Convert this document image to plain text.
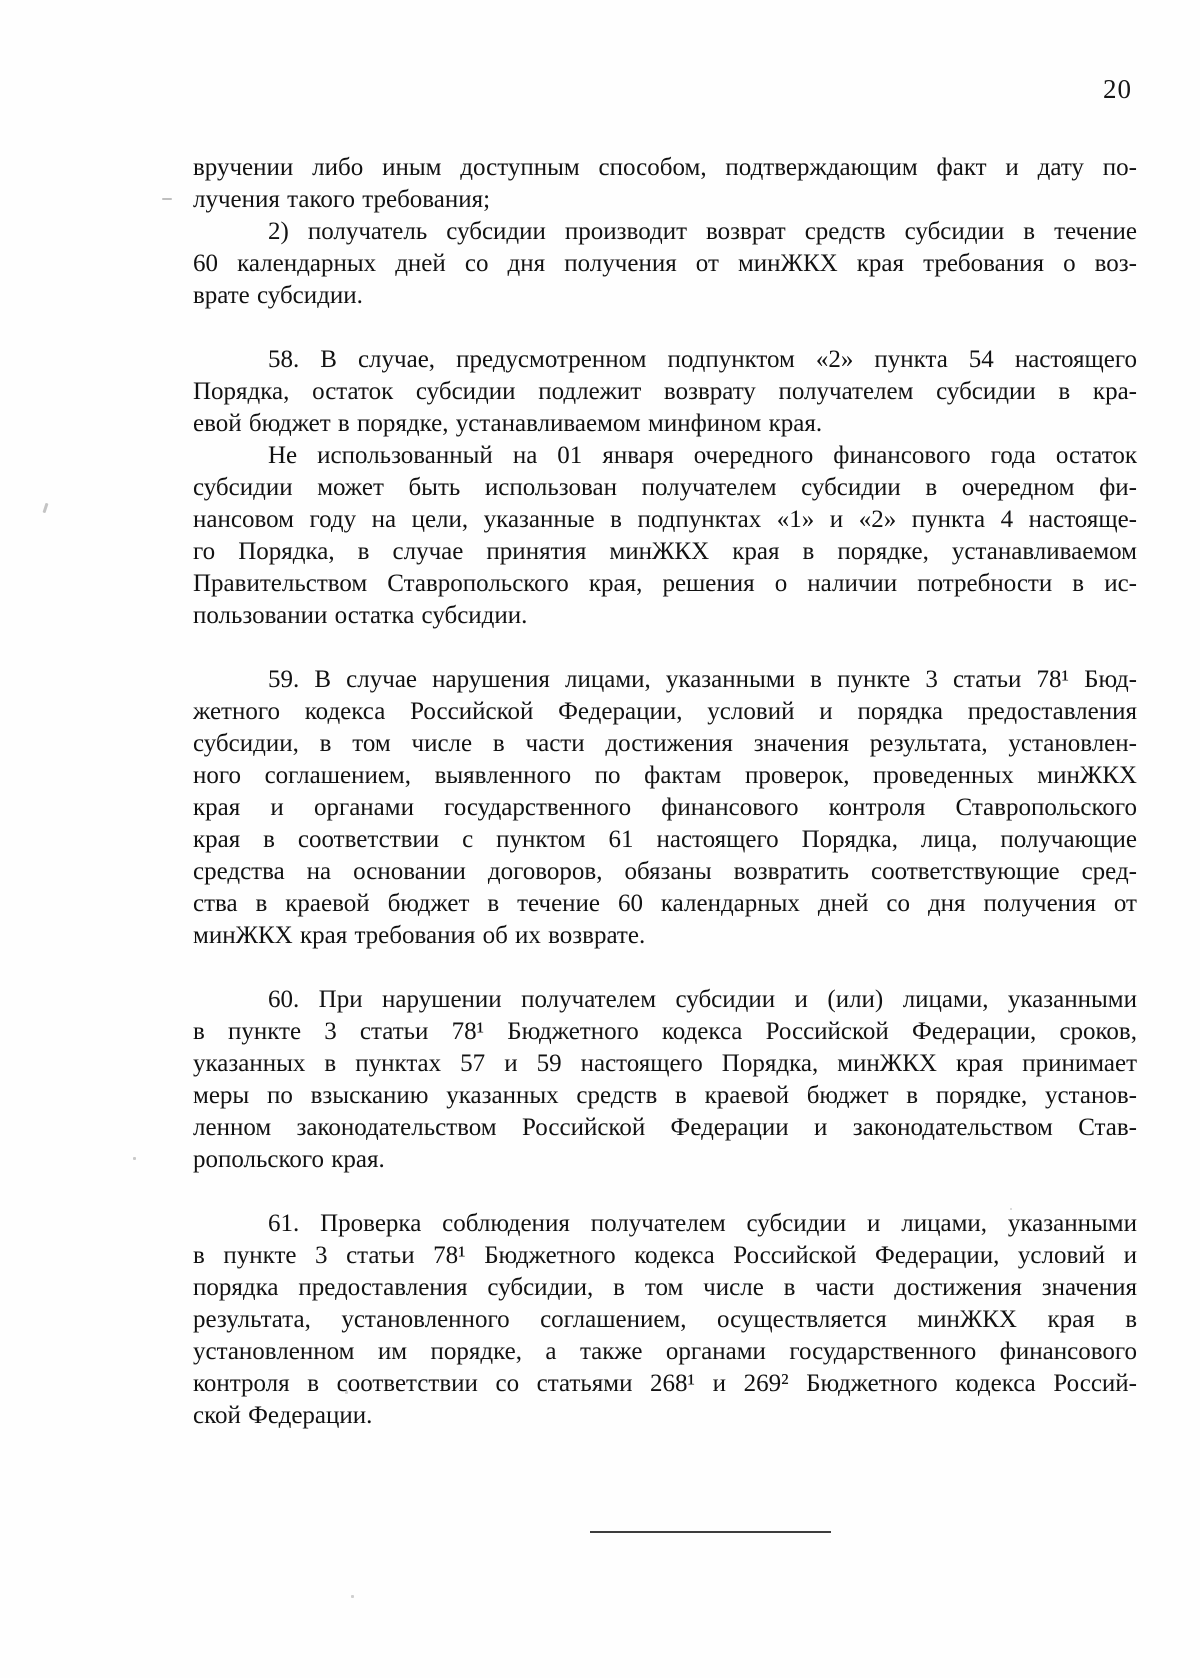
20
вручении либо иным доступным способом, подтверждающим факт и дату по-
лучения такого требования;
2) получатель субсидии производит возврат средств субсидии в течение
60 календарных дней со дня получения от минЖКХ края требования о воз-
врате субсидии.
58. В случае, предусмотренном подпунктом «2» пункта 54 настоящего
Порядка, остаток субсидии подлежит возврату получателем субсидии в кра-
евой бюджет в порядке, устанавливаемом минфином края.
Не использованный на 01 января очередного финансового года остаток
субсидии может быть использован получателем субсидии в очередном фи-
нансовом году на цели, указанные в подпунктах «1» и «2» пункта 4 настояще-
го Порядка, в случае принятия минЖКХ края в порядке, устанавливаемом
Правительством Ставропольского края, решения о наличии потребности в ис-
пользовании остатка субсидии.
59. В случае нарушения лицами, указанными в пункте 3 статьи 78¹ Бюд-
жетного кодекса Российской Федерации, условий и порядка предоставления
субсидии, в том числе в части достижения значения результата, установлен-
ного соглашением, выявленного по фактам проверок, проведенных минЖКХ
края и органами государственного финансового контроля Ставропольского
края в соответствии с пунктом 61 настоящего Порядка, лица, получающие
средства на основании договоров, обязаны возвратить соответствующие сред-
ства в краевой бюджет в течение 60 календарных дней со дня получения от
минЖКХ края требования об их возврате.
60. При нарушении получателем субсидии и (или) лицами, указанными
в пункте 3 статьи 78¹ Бюджетного кодекса Российской Федерации, сроков,
указанных в пунктах 57 и 59 настоящего Порядка, минЖКХ края принимает
меры по взысканию указанных средств в краевой бюджет в порядке, установ-
ленном законодательством Российской Федерации и законодательством Став-
ропольского края.
61. Проверка соблюдения получателем субсидии и лицами, указанными
в пункте 3 статьи 78¹ Бюджетного кодекса Российской Федерации, условий и
порядка предоставления субсидии, в том числе в части достижения значения
результата, установленного соглашением, осуществляется минЖКХ края в
установленном им порядке, а также органами государственного финансового
контроля в соответствии со статьями 268¹ и 269² Бюджетного кодекса Россий-
ской Федерации.
